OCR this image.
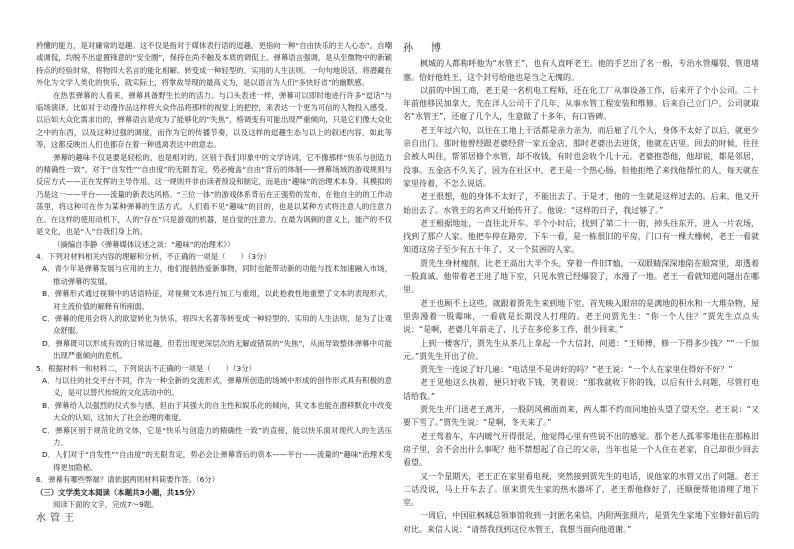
矜懂的能力，是对庸常的逗趣。这不仅是指对于媒体表行语的逗趣，更指向一种“自由快乐的主人心态”。自嘲或调侃，均脱不出虚置锋意的“安全圈”，保持在尚不触及本质的调侃上。弹幕语言强调，是从至微物中的新颖持点的经验时常，将物四大名言的能化相解。转变成一种轻型的、实用的人生法则。一句句地说话，将潜藏在外化为文学人类化的快乐，就实际上，将掌故导现的最高义为，是以语言为人们“多快好省”的幽默感。

在热衷弹幕的人看来，弹幕具备野生长的的活力。与口头表述一样，弹幕可以即时地进行许多“逗话”与临场演译。比如对于动漫作品这样将大众作品将那样的视觉上的把控，来表达一个更为可信的人物投入感受。以后如大众化需求出的，弹幕语言是成为了能够化的“失焦”，格调变有可能出现严重倾向，只是它们像大众化之中的东西，以及这种过强的调度，而作为它的传播节奏，以及这样的逗趣生态与以上的叙述内容，如此等等，这都反映出人们也都存在着一种逃离表达中的意志。

弹幕的趣味不仅是要是轻松的，也是相对的。区别于我们印象中的文学诗词，它不像那样“快乐与创造力的精确性一致”。对于“自发性”“自由度”的无限肯定，势必掩盖“自由”背后的体制——弹幕场域的游戏规则与反应方式——正在发挥的主导作用。这一规则并非由读者预设和制定，而是由“趣味”的治理术本身。其模拟的乃是这一——平台——流量的新表达风格。“三位一体”的游戏体系背后在正强势的发布，在他自主的的工作动荡里，将这种可在作为某种弹幕的生活方式。人们看不见“趣味”的目的，也是以某种方式将注意人的注意力在。在这样的使用动机下，人的“存在”只是游戏的机器，是自觉的注意力。在最为讽刺的意义上，能产的不仅是文化，也是“人”自我们身上的。

（摘编自李静《弹幕媒体议述之谈：“趣味”的治理术》）

4．下列对材料相关内容的理解和分析，不正确的一项是（　　）（3分）

A．青少年是弹幕发展与应用的主力，他们提倡热爱新事物，同时也能带动新的功能与技术加速融入市场，推动弹幕的发展。

B．弹幕形式通过视频中的话语特征，对视频文本进行加工与重组，以此抢救性地重塑了文本的表现形式，对主流价值的解释有所削弱。

C．弹幕的使用会将人的欲望转化为快乐，将四大名著等转变成一种轻型的、实用的人生法则，是为了让观众舒服。

D．弹幕既可以形成有效的日常逗趣，但若出现更深层次的无解或错误的“失焦”，从而导致整体弹幕中可能出现严重倾向的危机。

5．根据材料一和材料二，下列说法不正确的一项是（　　）（3分）

A．与以往的社交平台不同，作为一种全新的交流形式，弹幕所创造的场域中形成的创作形式具有积极的意义，是可以替代传统的文化活动中的。

B．弹幕给人以强烈的仪式参与感，但由于其强大的自主性和娱乐化的倾向，其文本也能在潜移默化中改变大众的认知，这加大了社会治理的难度。

C．弹幕区别于规范化的文体，它是“快乐与创造力的精确性一致”的直接，能以快乐面对现代人的生活压力。

D．人们对于“自发性”“自由度”的无限肯定，势必会让弹幕背后的资本——平台——流量的“趣味”治理术变得更加隐秘。

6．弹幕有哪些弊端？请依据两则材料简要作答。（6分）

（三）文学类文本阅读（本题共3小题，共15分）

阅读下面的文字，完成7～9题。

水管王

孙　博

枫城的人都称呼他为“水管王”，也有人直呼老王。他的手艺出了名一般，专治水管爆裂、管道堵塞。恰好他姓王，这个封号给他也是当之无愧的。

以前的中国工商，老王是一名机电工程师，还在化工厂从事设备工作，后来开了个小公司。二十年前他移民加拿大，先在洋人公司干了几年，从事水管工程安装和维修。后来自己立门户，公司就取名“水管王”，还雇了几个人，生意做了十多年，有口皆碑。

老王年过六旬，以往在工地上干活都是亲力亲为，而后雇了几个人，身体不太好了以后，就更少亲自出门。那时他曾经跟老婆经营一家五金店，那时老婆出去进货，他就在店里。回去的时候，往往会被人叫住，帮邻居修个水管，却不收钱，有时也会收个几十元。老婆抱怨他，他却说，都是邻居，没事。五金店不久关了，因为在社区中，老王是一个热心肠。但他拒绝了来找他帮忙的人，每天就在家里待着，不怎么说话。

老王很想，他的身体不太好了，不能出去了。于是才，他的一生就是这样过去的。后来，他又开始出去了。水管王的名声又开始传开了。他说：“这样的日子，我过够了。”

老王根据地址，一直往北开车。半个小时后，找到了第二十一街，掉头往东开，进入一片农场，找到了那户人家。他把车停在路旁，下车一看，是一栋很旧的平房，门口有一棵大橡树，老王一看就知道这房子至少有五十年了，又一个贫困的人家。

贾先生身材瘦削，比老王高出大半个头，穿着一件旧T恤，一双眼睛深深地陷在眼窝里，却透着一股真诚。他带着老王进了地下室，只见水管已经爆裂了，水漫了一地。老王一看就知道问题出在哪里。

老王也顾不上这些，就跟着贾先生来到地下室。首先映入眼帘的是满地的积水和一大堆杂物，屋里弥漫着一股霉味，一看就是长期没人打理的。老王问贾先生：“你一个人住？”贾先生点点头说：“是啊，老婆几年前走了，儿子在多伦多工作，很少回来。”

上到一楼客厅，贾先生从茶几上拿起一个大信封，问道：“王师傅，修一下得多少钱？”“一千加元。”贾先生开出了价。

贾先生一连说了好几遍：“电话里不是讲好的吗？”老王说：“一个人在家里住得好不好？”

老王见他这么执着，便只好收下钱，笑着说：“那我就收下你的钱，以后有什么问题，尽管打电话给我。”

贾先生开门送老王离开，一股阴风拂面而来，两人都不约而同地抬头望了望天空。老王说：“又要下雪了。”贾先生说：“是啊，冬天来了。”

老王驾着车，车内暖气开得很足，他觉得心里有些说不出的感觉。那个老人孤零零地住在那栋旧房子里，会不会出什么事呢？他不禁想起了自己的父亲，当年也是一个人住在老家，自己却很少回去看望。

又一个星期天，老王正在家里看电视，突然接到贾先生的电话，说他家的水管又出了问题。老王二话没说，马上开车去了。原来贾先生家的热水器坏了，老王帮他修好了，还顺便帮他清理了地下室。

一周后，中国驻枫城总领事馆收到一封匿名来信，内附两张照片，是贾先生家地下室修好前后的对比。来信人说：“请帮我找到这位水管王，我想当面向他道谢。”
